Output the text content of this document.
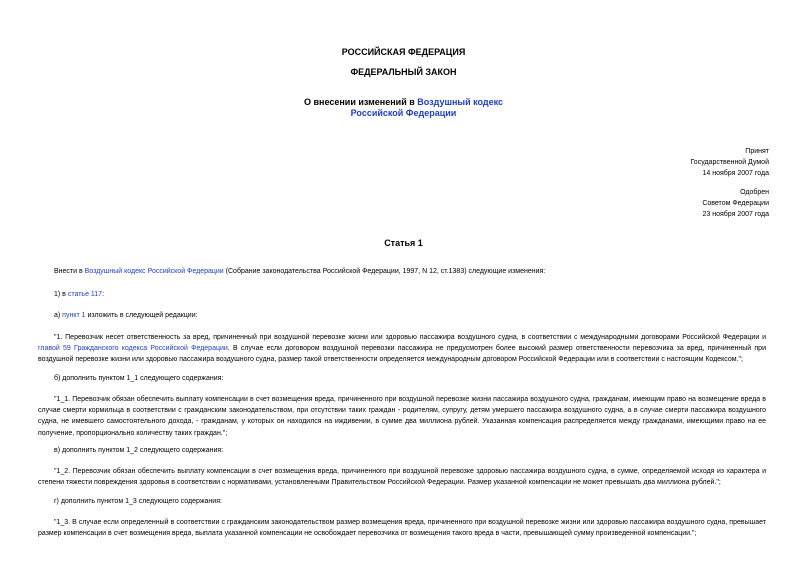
РОССИЙСКАЯ ФЕДЕРАЦИЯ
ФЕДЕРАЛЬНЫЙ ЗАКОН
О внесении изменений в Воздушный кодекс
Российской Федерации
Принят
Государственной Думой
14 ноября 2007 года
Одобрен
Советом Федерации
23 ноября 2007 года
Статья 1
Внести в Воздушный кодекс Российской Федерации (Собрание законодательства Российской Федерации, 1997, N 12, ст.1383) следующие изменения:
1) в статье 117:
а) пункт 1 изложить в следующей редакции:
"1. Перевозчик несет ответственность за вред, причиненный при воздушной перевозке жизни или здоровью пассажира воздушного судна, в соответствии с международными договорами Российской Федерации и главой 59 Гражданского кодекса Российской Федерации. В случае если договором воздушной перевозки пассажира не предусмотрен более высокий размер ответственности перевозчика за вред, причиненный при воздушной перевозке жизни или здоровью пассажира воздушного судна, размер такой ответственности определяется международным договором Российской Федерации или в соответствии с настоящим Кодексом.";
б) дополнить пунктом 1_1 следующего содержания:
"1_1. Перевозчик обязан обеспечить выплату компенсации в счет возмещения вреда, причиненного при воздушной перевозке жизни пассажира воздушного судна, гражданам, имеющим право на возмещение вреда в случае смерти кормильца в соответствии с гражданским законодательством, при отсутствии таких граждан - родителям, супругу, детям умершего пассажира воздушного судна, а в случае смерти пассажира воздушного судна, не имевшего самостоятельного дохода, - гражданам, у которых он находился на иждивении, в сумме два миллиона рублей. Указанная компенсация распределяется между гражданами, имеющими право на ее получение, пропорционально количеству таких граждан.";
в) дополнить пунктом 1_2 следующего содержания:
"1_2. Перевозчик обязан обеспечить выплату компенсации в счет возмещения вреда, причиненного при воздушной перевозке здоровью пассажира воздушного судна, в сумме, определяемой исходя из характера и степени тяжести повреждения здоровья в соответствии с нормативами, установленными Правительством Российской Федерации. Размер указанной компенсации не может превышать два миллиона рублей.";
г) дополнить пунктом 1_3 следующего содержания:
"1_3. В случае если определенный в соответствии с гражданским законодательством размер возмещения вреда, причиненного при воздушной перевозке жизни или здоровью пассажира воздушного судна, превышает размер компенсации в счет возмещения вреда, выплата указанной компенсации не освобождает перевозчика от возмещения такого вреда в части, превышающей сумму произведенной компенсации.";
